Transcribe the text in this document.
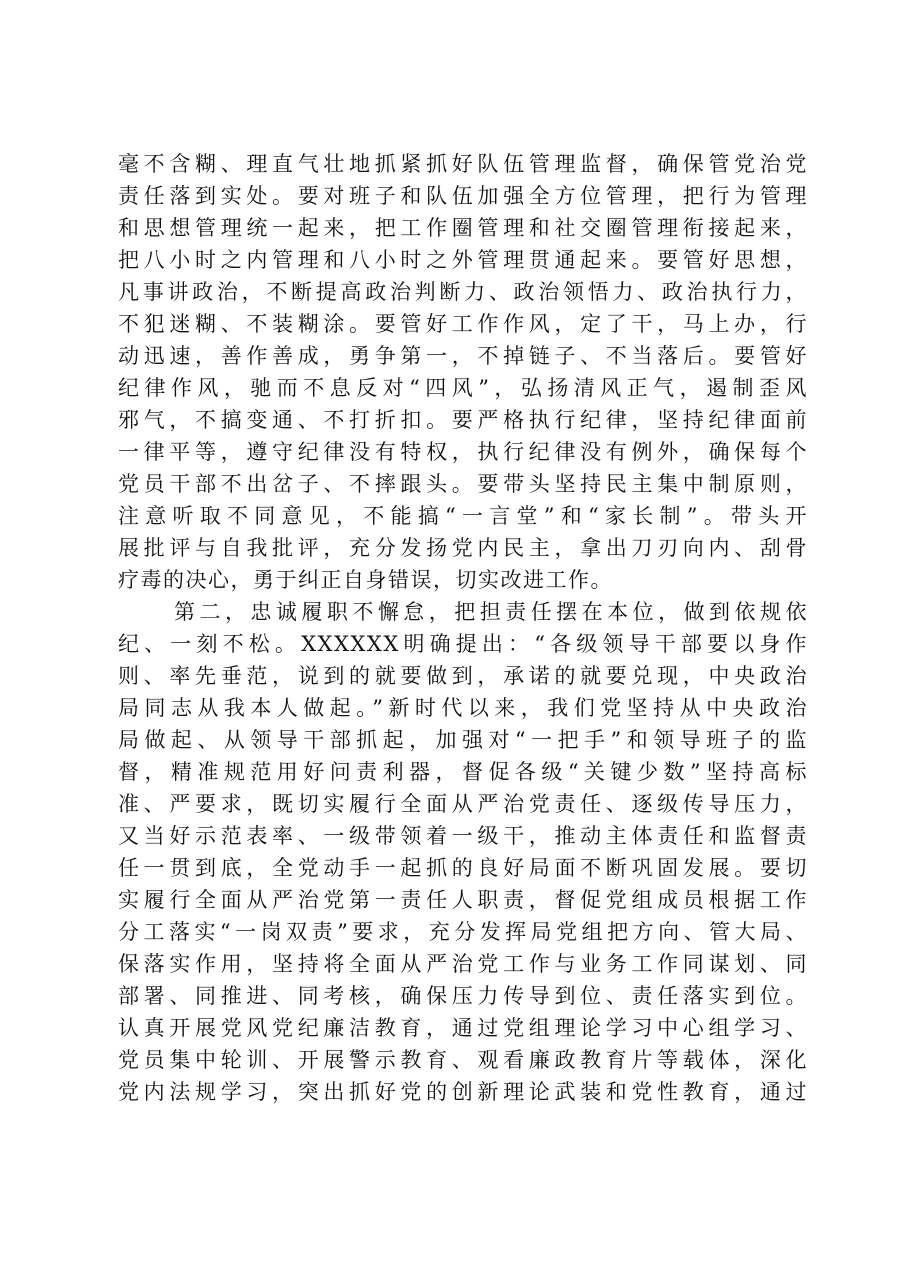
毫不含糊、理直气壮地抓紧抓好队伍管理监督，确保管党治党
责任落到实处。要对班子和队伍加强全方位管理，把行为管理
和思想管理统一起来，把工作圈管理和社交圈管理衔接起来，
把八小时之内管理和八小时之外管理贯通起来。要管好思想，
凡事讲政治，不断提高政治判断力、政治领悟力、政治执行力，
不犯迷糊、不装糊涂。要管好工作作风，定了干，马上办，行
动迅速，善作善成，勇争第一，不掉链子、不当落后。要管好
纪律作风，驰而不息反对“四风”，弘扬清风正气，遏制歪风
邪气，不搞变通、不打折扣。要严格执行纪律，坚持纪律面前
一律平等，遵守纪律没有特权，执行纪律没有例外，确保每个
党员干部不出岔子、不摔跟头。要带头坚持民主集中制原则，
注意听取不同意见，不能搞“一言堂”和“家长制”。带头开
展批评与自我批评，充分发扬党内民主，拿出刀刃向内、刮骨
疗毒的决心，勇于纠正自身错误，切实改进工作。
第二，忠诚履职不懈怠，把担责任摆在本位，做到依规依
纪、一刻不松。XXXXXX明确提出：“各级领导干部要以身作
则、率先垂范，说到的就要做到，承诺的就要兑现，中央政治
局同志从我本人做起。”新时代以来，我们党坚持从中央政治
局做起、从领导干部抓起，加强对“一把手”和领导班子的监
督，精准规范用好问责利器，督促各级“关键少数”坚持高标
准、严要求，既切实履行全面从严治党责任、逐级传导压力，
又当好示范表率、一级带领着一级干，推动主体责任和监督责
任一贯到底，全党动手一起抓的良好局面不断巩固发展。要切
实履行全面从严治党第一责任人职责，督促党组成员根据工作
分工落实“一岗双责”要求，充分发挥局党组把方向、管大局、
保落实作用，坚持将全面从严治党工作与业务工作同谋划、同
部署、同推进、同考核，确保压力传导到位、责任落实到位。
认真开展党风党纪廉洁教育，通过党组理论学习中心组学习、
党员集中轮训、开展警示教育、观看廉政教育片等载体，深化
党内法规学习，突出抓好党的创新理论武装和党性教育，通过
